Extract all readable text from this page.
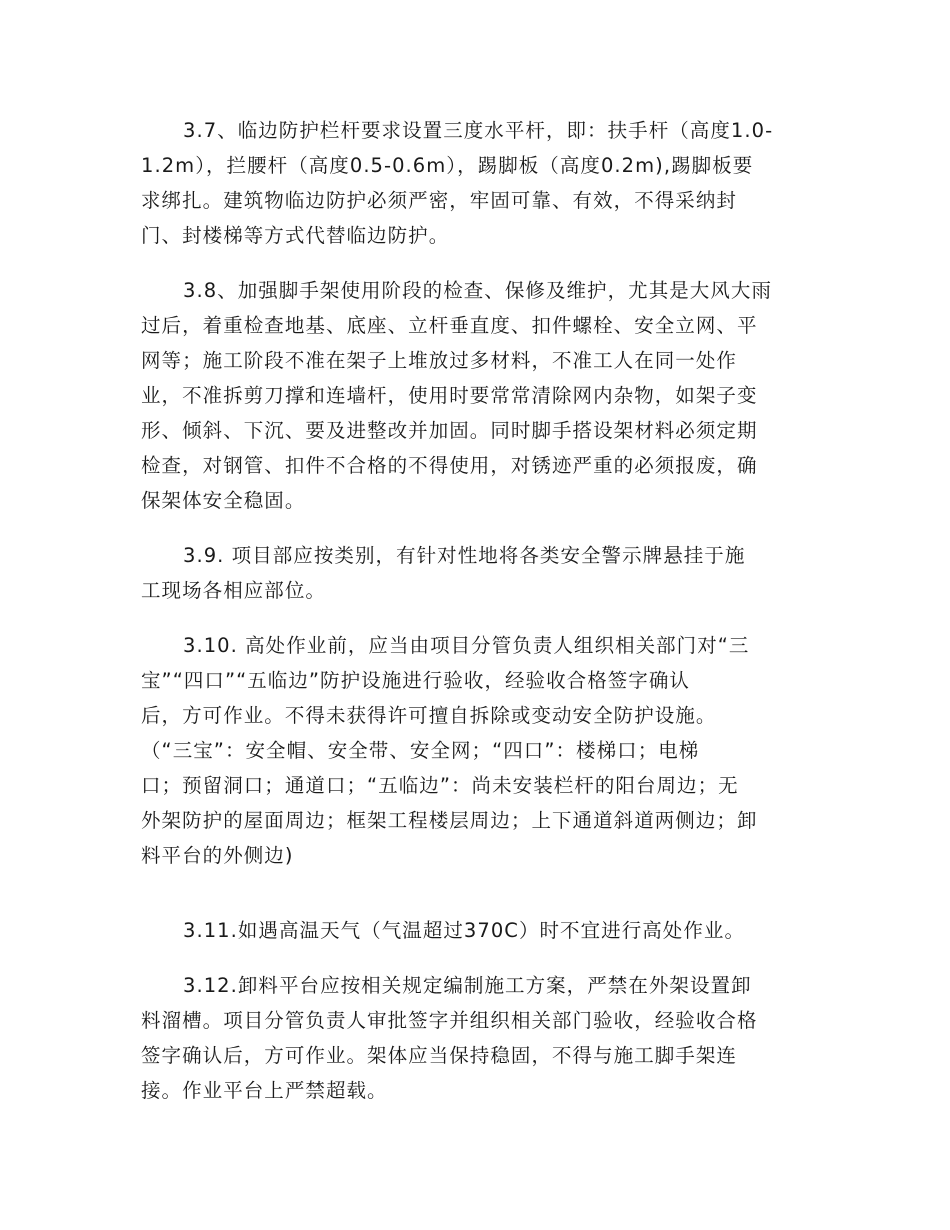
3.7、临边防护栏杆要求设置三度水平杆，即：扶手杆（高度1.0-
1.2m），拦腰杆（高度0.5-0.6m），踢脚板（高度0.2m),踢脚板要
求绑扎。建筑物临边防护必须严密，牢固可靠、有效，不得采纳封
门、封楼梯等方式代替临边防护。
3.8、加强脚手架使用阶段的检查、保修及维护，尤其是大风大雨
过后，着重检查地基、底座、立杆垂直度、扣件螺栓、安全立网、平
网等；施工阶段不准在架子上堆放过多材料，不准工人在同一处作
业，不准拆剪刀撑和连墙杆，使用时要常常清除网内杂物，如架子变
形、倾斜、下沉、要及进整改并加固。同时脚手搭设架材料必须定期
检查，对钢管、扣件不合格的不得使用，对锈迹严重的必须报废，确
保架体安全稳固。
3.9. 项目部应按类别，有针对性地将各类安全警示牌悬挂于施
工现场各相应部位。
3.10. 高处作业前，应当由项目分管负责人组织相关部门对“三
宝”“四口”“五临边”防护设施进行验收，经验收合格签字确认
后，方可作业。不得未获得许可擅自拆除或变动安全防护设施。
（“三宝”：安全帽、安全带、安全网；“四口”：楼梯口；电梯
口；预留洞口；通道口；“五临边”：尚未安装栏杆的阳台周边；无
外架防护的屋面周边；框架工程楼层周边；上下通道斜道两侧边；卸
料平台的外侧边)
3.11.如遇高温天气（气温超过370C）时不宜进行高处作业。
3.12.卸料平台应按相关规定编制施工方案，严禁在外架设置卸
料溜槽。项目分管负责人审批签字并组织相关部门验收，经验收合格
签字确认后，方可作业。架体应当保持稳固，不得与施工脚手架连
接。作业平台上严禁超载。
